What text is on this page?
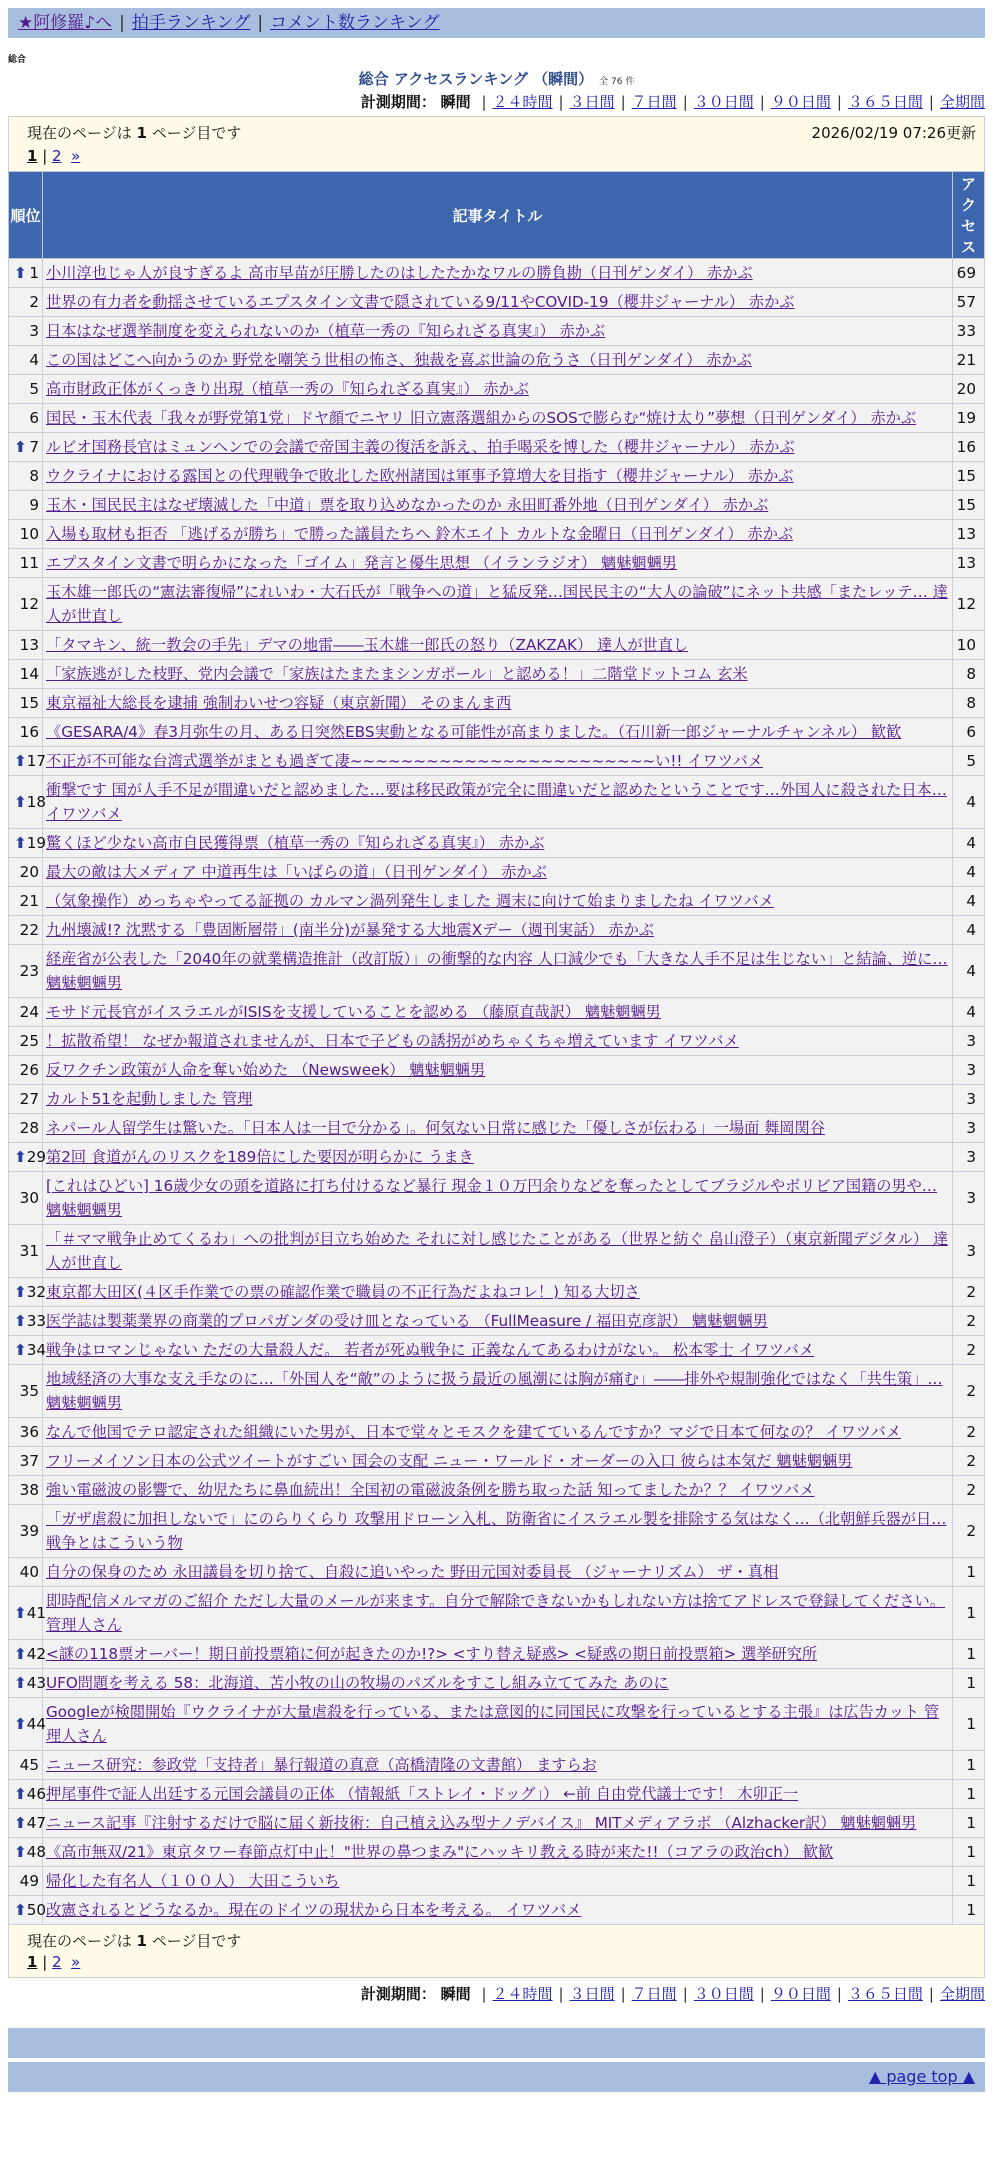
★阿修羅♪へ | 拍手ランキング | コメント数ランキング
総合
総合 アクセスランキング （瞬間） 全 76 件
計測期間： 瞬間 | ２４時間 | ３日間 | ７日間 | ３０日間 | ９０日間 | ３６５日間 | 全期間
現在のページは 1 ページ目です	2026/02/19 07:26更新
1 | 2 »
順位	記事タイトル	アクセス

⬆ 1	小川淳也じゃ人が良すぎるよ 高市早苗が圧勝したのはしたたかなワルの勝負勘（日刊ゲンダイ） 赤かぶ	69
2	世界の有力者を動揺させているエプスタイン文書で隠されている9/11やCOVID-19（櫻井ジャーナル） 赤かぶ	57
3	日本はなぜ選挙制度を変えられないのか（植草一秀の『知られざる真実』） 赤かぶ	33
4	この国はどこへ向かうのか 野党を嘲笑う世相の怖さ、独裁を喜ぶ世論の危うさ（日刊ゲンダイ） 赤かぶ	21
5	高市財政正体がくっきり出現（植草一秀の『知られざる真実』） 赤かぶ	20
6	国民・玉木代表「我々が野党第1党」ドヤ顔でニヤリ 旧立憲落選組からのSOSで膨らむ“焼け太り”夢想（日刊ゲンダイ） 赤かぶ	19

⬆ 7	ルビオ国務長官はミュンヘンでの会議で帝国主義の復活を訴え、拍手喝采を博した（櫻井ジャーナル） 赤かぶ	16
8	ウクライナにおける露国との代理戦争で敗北した欧州諸国は軍事予算増大を目指す（櫻井ジャーナル） 赤かぶ	15
9	玉木・国民民主はなぜ壊滅した「中道」票を取り込めなかったのか 永田町番外地（日刊ゲンダイ） 赤かぶ	15
10	入場も取材も拒否 「逃げるが勝ち」で勝った議員たちへ 鈴木エイト カルトな金曜日（日刊ゲンダイ） 赤かぶ	13
11	エプスタイン文書で明らかになった「ゴイム」発言と優生思想 （イランラジオ） 魑魅魍魎男	13
12	玉木雄一郎氏の“憲法審復帰”にれいわ・大石氏が「戦争への道」と猛反発…国民民主の“大人の論破”にネット共感「またレッテ… 達人が世直し	12
13	「タマキン、統一教会の手先」デマの地雷――玉木雄一郎氏の怒り（ZAKZAK） 達人が世直し	10
14	「家族逃がした枝野、党内会議で「家族はたまたまシンガポール」と認める！」二階堂ドットコム 玄米	8
15	東京福祉大総長を逮捕 強制わいせつ容疑（東京新聞） そのまんま西	8
16	《GESARA/4》春3月弥生の月、ある日突然EBS実動となる可能性が高まりました。（石川新一郎ジャーナルチャンネル） 歓歓	6

⬆ 17	不正が不可能な台湾式選挙がまとも過ぎて凄~~~~~~~~~~~~~~~~~~~~~~~~い!! イワツバメ	5

⬆ 18	衝撃です 国が人手不足が間違いだと認めました…要は移民政策が完全に間違いだと認めたということです…外国人に殺された日本… イワツバメ	4

⬆ 19	驚くほど少ない高市自民獲得票（植草一秀の『知られざる真実』） 赤かぶ	4
20	最大の敵は大メディア 中道再生は「いばらの道」（日刊ゲンダイ） 赤かぶ	4
21	（気象操作）めっちゃやってる証拠の カルマン渦列発生しました 週末に向けて始まりましたね イワツバメ	4
22	九州壊滅!? 沈黙する「豊固断層帯」(南半分)が暴発する大地震Xデー（週刊実話） 赤かぶ	4
23	経産省が公表した「2040年の就業構造推計（改訂版）」の衝撃的な内容 人口減少でも「大きな人手不足は生じない」と結論、逆に… 魑魅魍魎男	4
24	モサド元長官がイスラエルがISISを支援していることを認める （藤原直哉訳） 魑魅魍魎男	4
25	！拡散希望！ なぜか報道されませんが、日本で子どもの誘拐がめちゃくちゃ増えています イワツバメ	3
26	反ワクチン政策が人命を奪い始めた （Newsweek） 魑魅魍魎男	3
27	カルト51を起動しました 管理	3
28	ネパール人留学生は驚いた。「日本人は一目で分かる」。何気ない日常に感じた「優しさが伝わる」一場面 舞岡関谷	3

⬆ 29	第2回 食道がんのリスクを189倍にした要因が明らかに うまき	3
30	[これはひどい] 16歳少女の頭を道路に打ち付けるなど暴行 現金１０万円余りなどを奪ったとしてブラジルやボリビア国籍の男や… 魑魅魍魎男	3
31	「＃ママ戦争止めてくるわ」への批判が目立ち始めた それに対し感じたことがある（世界と紡ぐ 畠山澄子）（東京新聞デジタル） 達人が世直し	3

⬆ 32	東京都大田区(４区手作業での票の確認作業で職員の不正行為だよねコレ！) 知る大切さ	2

⬆ 33	医学誌は製薬業界の商業的プロパガンダの受け皿となっている （FullMeasure / 福田克彦訳） 魑魅魍魎男	2

⬆ 34	戦争はロマンじゃない ただの大量殺人だ。 若者が死ぬ戦争に 正義なんてあるわけがない。 松本零士 イワツバメ	2
35	地域経済の大事な支え手なのに…「外国人を“敵”のように扱う最近の風潮には胸が痛む」――排外や規制強化ではなく「共生策」… 魑魅魍魎男	2
36	なんで他国でテロ認定された組織にいた男が、日本で堂々とモスクを建てているんですか？マジで日本て何なの？ イワツバメ	2
37	フリーメイソン日本の公式ツイートがすごい 国会の支配 ニュー・ワールド・オーダーの入口 彼らは本気だ 魑魅魍魎男	2
38	強い電磁波の影響で、幼児たちに鼻血続出！全国初の電磁波条例を勝ち取った話 知ってましたか？？ イワツバメ	2
39	「ガザ虐殺に加担しないで」にのらりくらり 攻撃用ドローン入札、防衛省にイスラエル製を排除する気はなく…（北朝鮮兵器が日… 戦争とはこういう物	2
40	自分の保身のため 永田議員を切り捨て、自殺に追いやった 野田元国対委員長 （ジャーナリズム） ザ・真相	1

⬆ 41	即時配信メルマガのご紹介 ただし大量のメールが来ます。自分で解除できないかもしれない方は捨てアドレスで登録してください。 管理人さん	1

⬆ 42	<謎の118票オーバー！期日前投票箱に何が起きたのか!?> <すり替え疑惑> <疑惑の期日前投票箱> 選挙研究所	1

⬆ 43	UFO問題を考える 58：北海道、苫小牧の山の牧場のパズルをすこし組み立ててみた あのに	1

⬆ 44	Googleが検閲開始『ウクライナが大量虐殺を行っている、または意図的に同国民に攻撃を行っているとする主張』は広告カット 管理人さん	1
45	ニュース研究：参政党「支持者」暴行報道の真意（高橋清隆の文書館） ますらお	1

⬆ 46	押尾事件で証人出廷する元国会議員の正体 （情報紙「ストレイ・ドッグ」） ←前 自由党代議士です！ 木卯正一	1

⬆ 47	ニュース記事『注射するだけで脳に届く新技術：自己植え込み型ナノデバイス』 MITメディアラボ （Alzhacker訳） 魑魅魍魎男	1

⬆ 48	《高市無双/21》東京タワー春節点灯中止！"世界の鼻つまみ"にハッキリ教える時が来た!!（コアラの政治ch） 歓歓	1
49	帰化した有名人（１００人） 大田こういち	1

⬆ 50	改憲されるとどうなるか。現在のドイツの現状から日本を考える。 イワツバメ	1
現在のページは 1 ページ目です
1 | 2 »
計測期間： 瞬間 | ２４時間 | ３日間 | ７日間 | ３０日間 | ９０日間 | ３６５日間 | 全期間
▲ page top ▲
